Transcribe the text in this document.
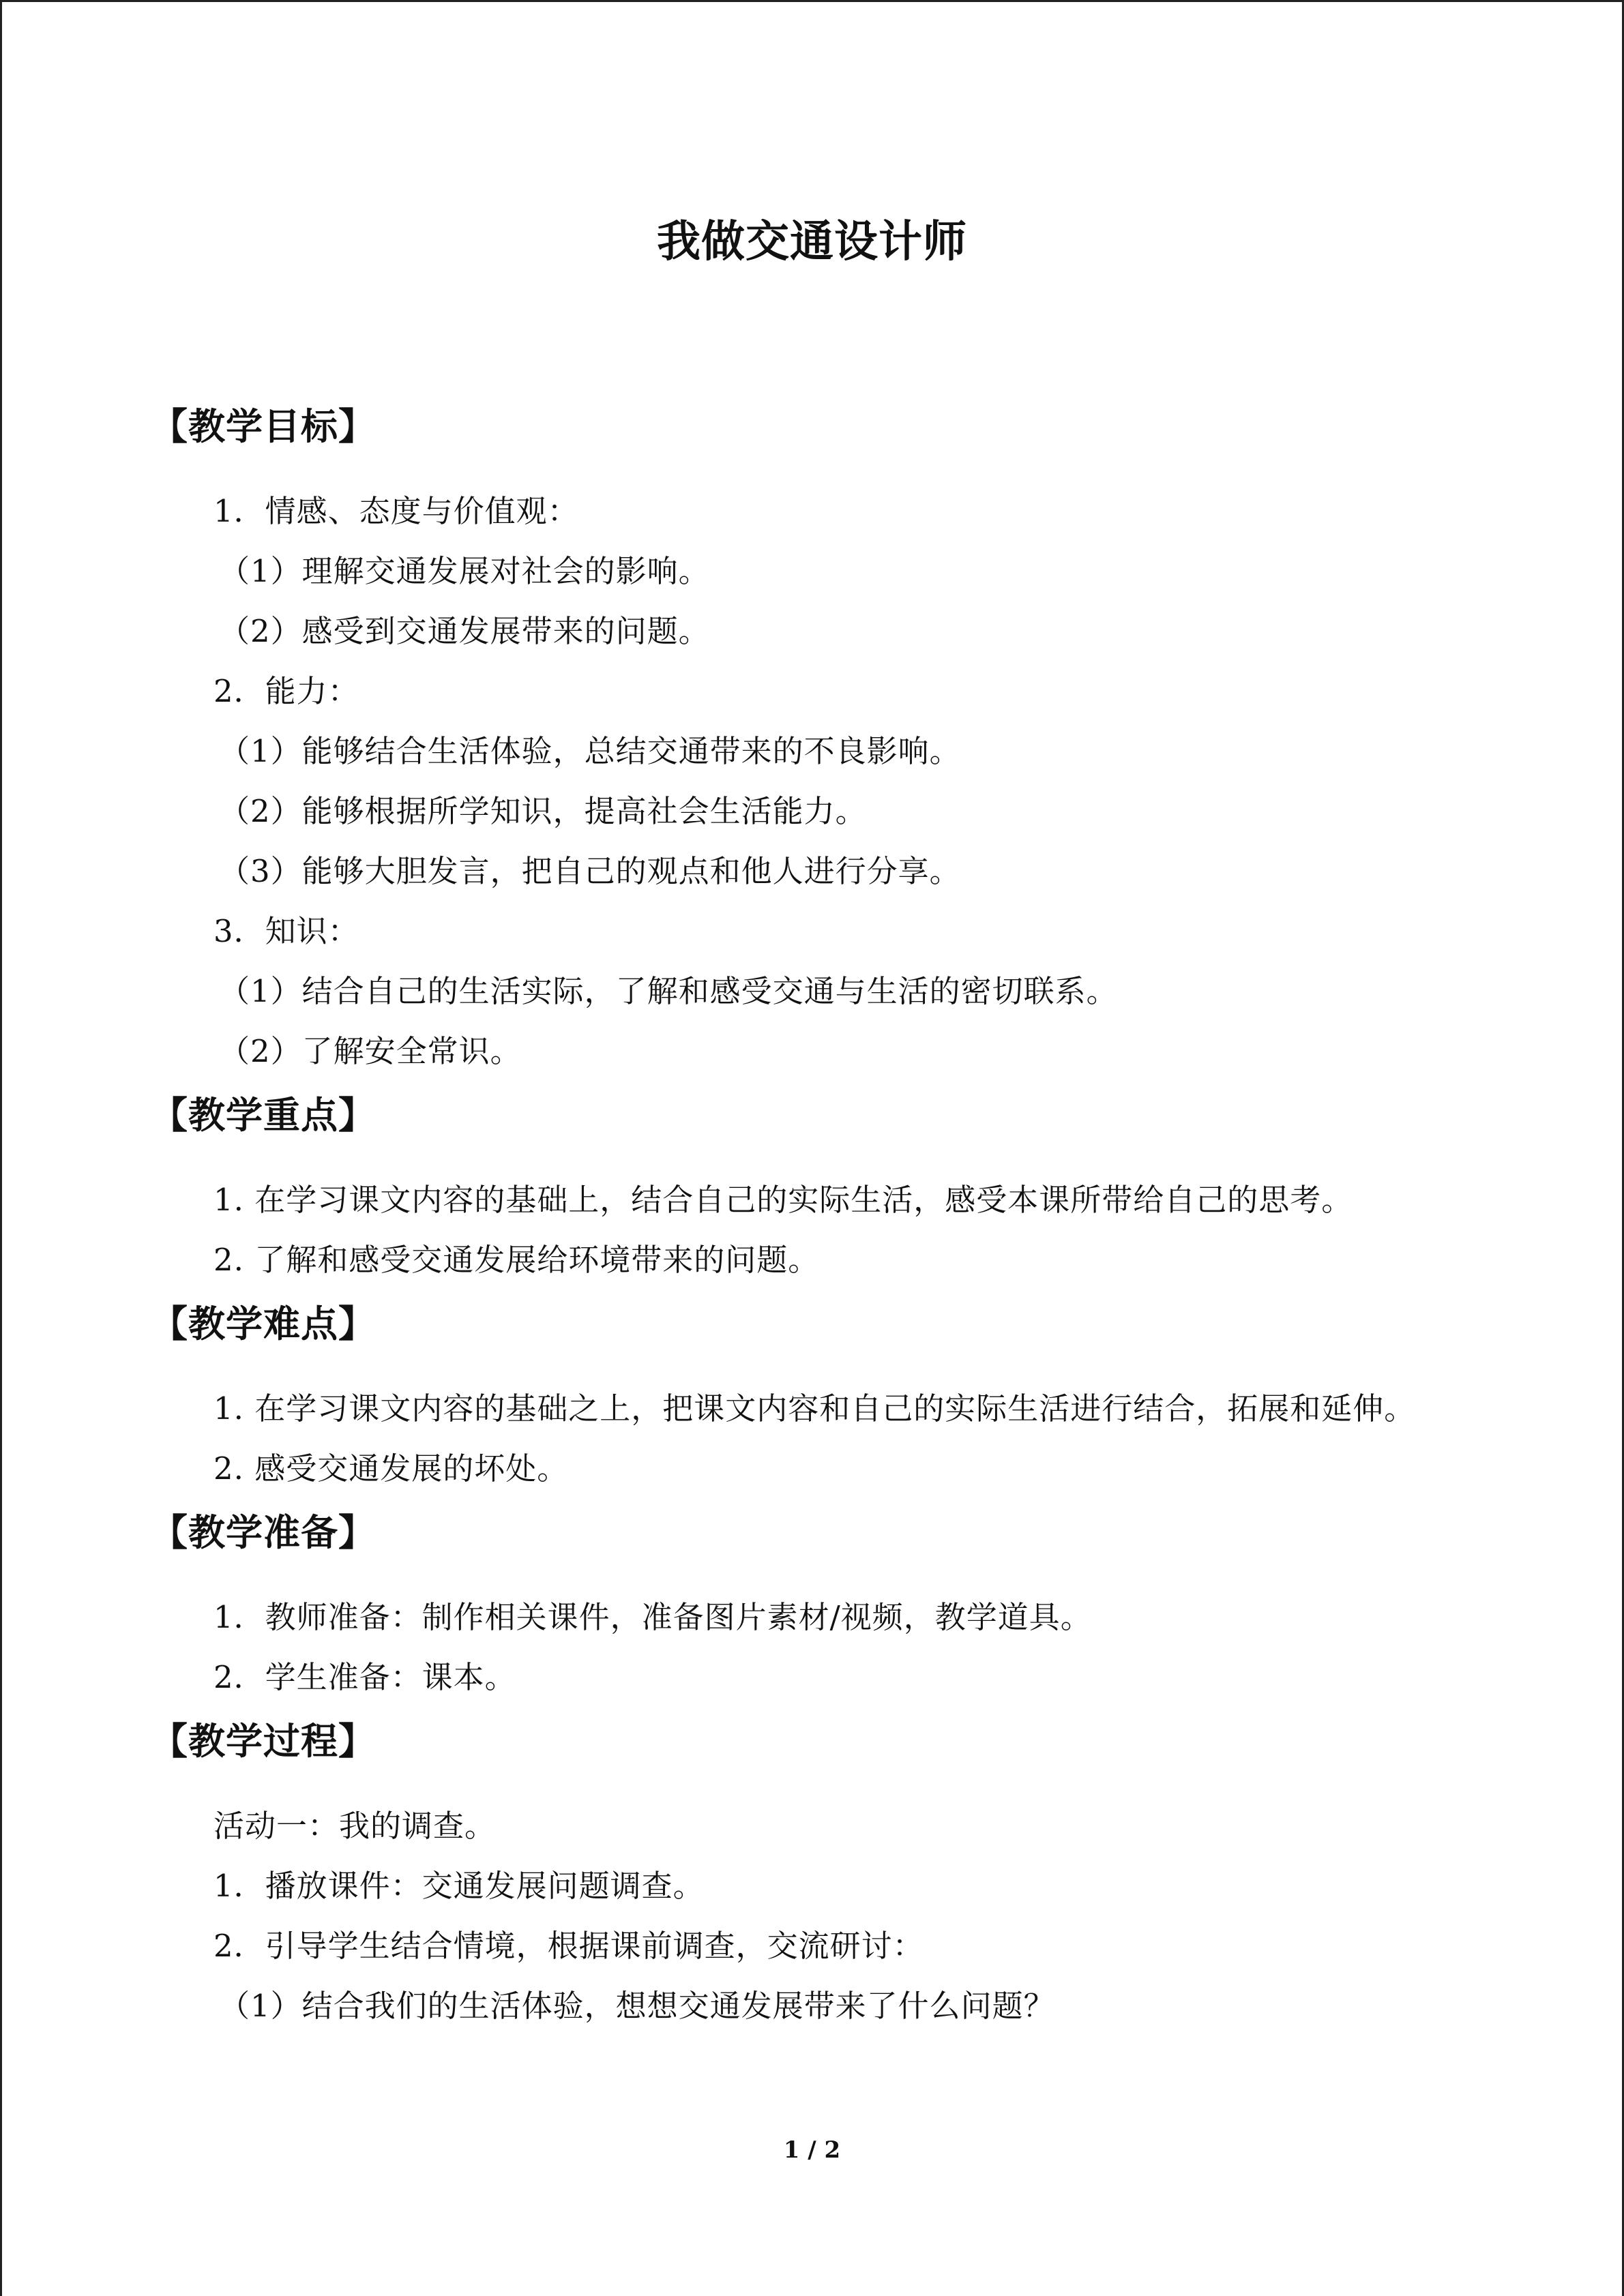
我做交通设计师
【教学目标】
1．情感、态度与价值观：
（1）理解交通发展对社会的影响。
（2）感受到交通发展带来的问题。
2．能力：
（1）能够结合生活体验，总结交通带来的不良影响。
（2）能够根据所学知识，提高社会生活能力。
（3）能够大胆发言，把自己的观点和他人进行分享。
3．知识：
（1）结合自己的生活实际，了解和感受交通与生活的密切联系。
（2）了解安全常识。
【教学重点】
1. 在学习课文内容的基础上，结合自己的实际生活，感受本课所带给自己的思考。
2. 了解和感受交通发展给环境带来的问题。
【教学难点】
1. 在学习课文内容的基础之上，把课文内容和自己的实际生活进行结合，拓展和延伸。
2. 感受交通发展的坏处。
【教学准备】
1．教师准备：制作相关课件，准备图片素材/视频，教学道具。
2．学生准备：课本。
【教学过程】
活动一：我的调查。
1．播放课件：交通发展问题调查。
2．引导学生结合情境，根据课前调查，交流研讨：
（1）结合我们的生活体验，想想交通发展带来了什么问题？
1 / 2
